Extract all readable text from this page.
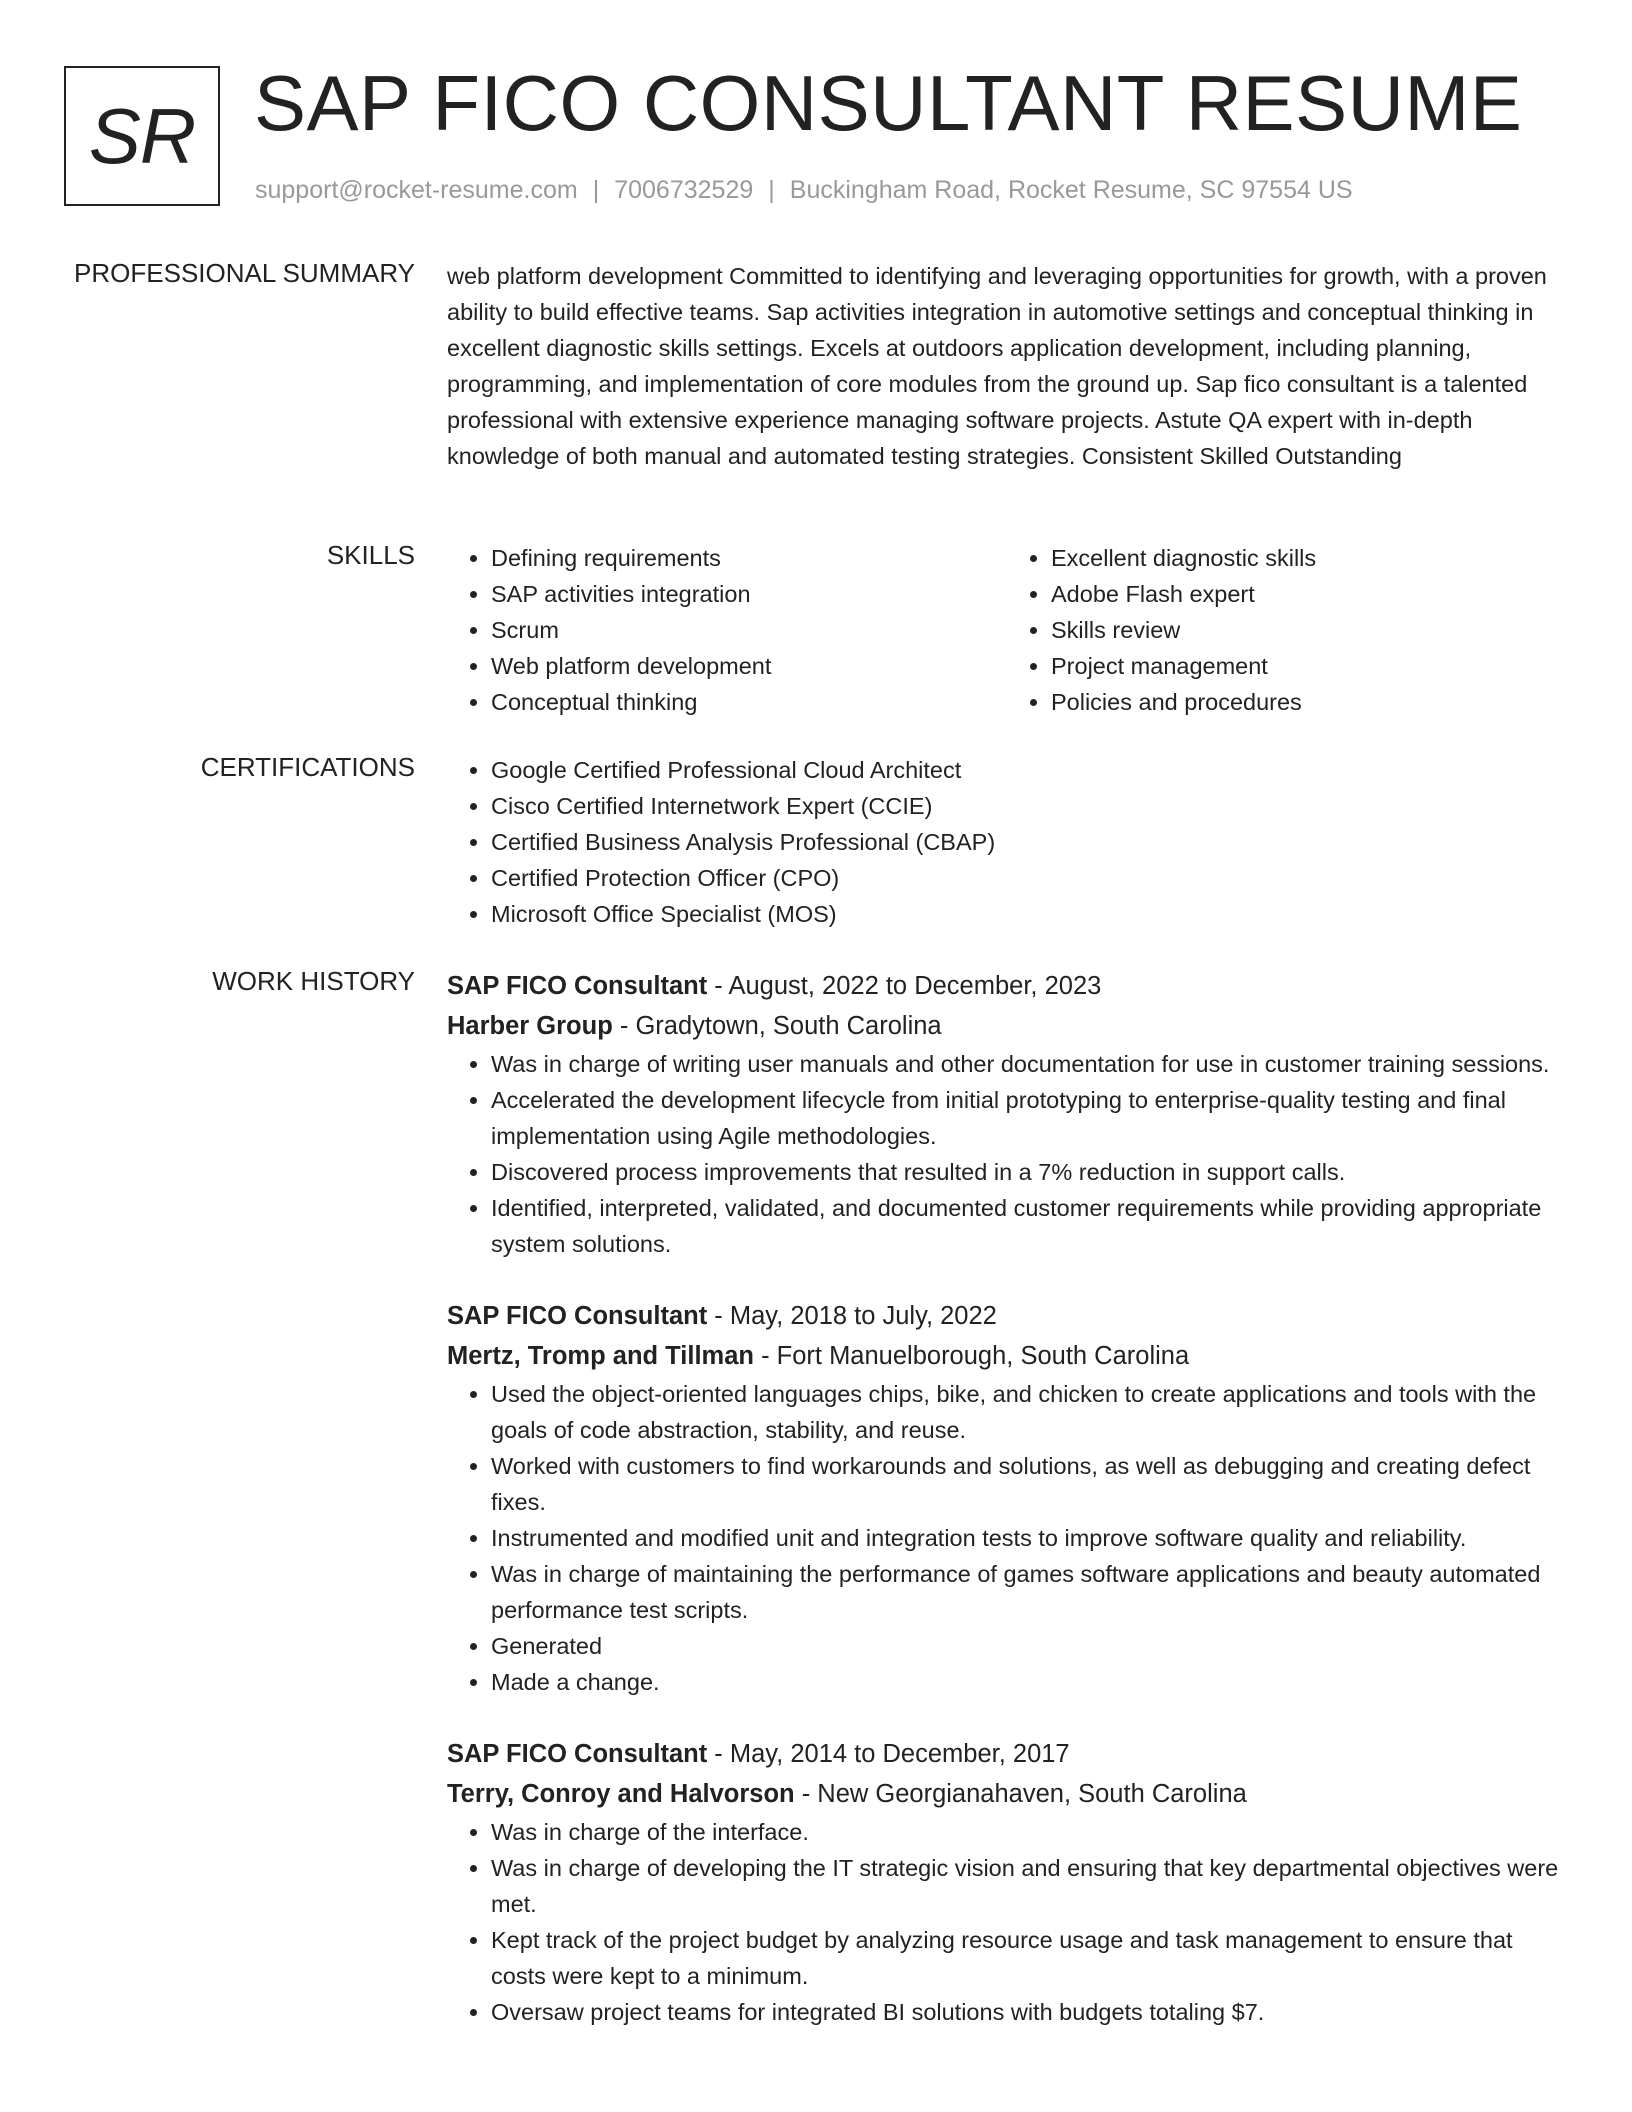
SR SAP FICO CONSULTANT RESUME
support@rocket-resume.com | 7006732529 | Buckingham Road, Rocket Resume, SC 97554 US
PROFESSIONAL SUMMARY web platform development Committed to identifying and leveraging opportunities for growth, with a proven ability to build effective teams. Sap activities integration in automotive settings and conceptual thinking in excellent diagnostic skills settings. Excels at outdoors application development, including planning, programming, and implementation of core modules from the ground up. Sap fico consultant is a talented professional with extensive experience managing software projects. Astute QA expert with in-depth knowledge of both manual and automated testing strategies. Consistent Skilled Outstanding

SKILLS	• Defining requirements
• SAP activities integration
• Scrum
• Web platform development
• Conceptual thinking
• Excellent diagnostic skills
• Adobe Flash expert
• Skills review
• Project management
• Policies and procedures
CERTIFICATIONS	• Google Certified Professional Cloud Architect
• Cisco Certified Internetwork Expert (CCIE)
• Certified Business Analysis Professional (CBAP)
• Certified Protection Officer (CPO)
• Microsoft Office Specialist (MOS)
WORK HISTORY SAP FICO Consultant - August, 2022 to December, 2023
Harber Group - Gradytown, South Carolina
• Was in charge of writing user manuals and other documentation for use in customer training sessions.
• Accelerated the development lifecycle from initial prototyping to enterprise-quality testing and final implementation using Agile methodologies.
• Discovered process improvements that resulted in a 7% reduction in support calls.
• Identified, interpreted, validated, and documented customer requirements while providing appropriate system solutions.
SAP FICO Consultant - May, 2018 to July, 2022
Mertz, Tromp and Tillman - Fort Manuelborough, South Carolina
• Used the object-oriented languages chips, bike, and chicken to create applications and tools with the goals of code abstraction, stability, and reuse.
• Worked with customers to find workarounds and solutions, as well as debugging and creating defect fixes.
• Instrumented and modified unit and integration tests to improve software quality and reliability.
• Was in charge of maintaining the performance of games software applications and beauty automated performance test scripts.
• Generated
• Made a change.
SAP FICO Consultant - May, 2014 to December, 2017
Terry, Conroy and Halvorson - New Georgianahaven, South Carolina
• Was in charge of the interface.
• Was in charge of developing the IT strategic vision and ensuring that key departmental objectives were met.
• Kept track of the project budget by analyzing resource usage and task management to ensure that costs were kept to a minimum.
• Oversaw project teams for integrated BI solutions with budgets totaling $7.
